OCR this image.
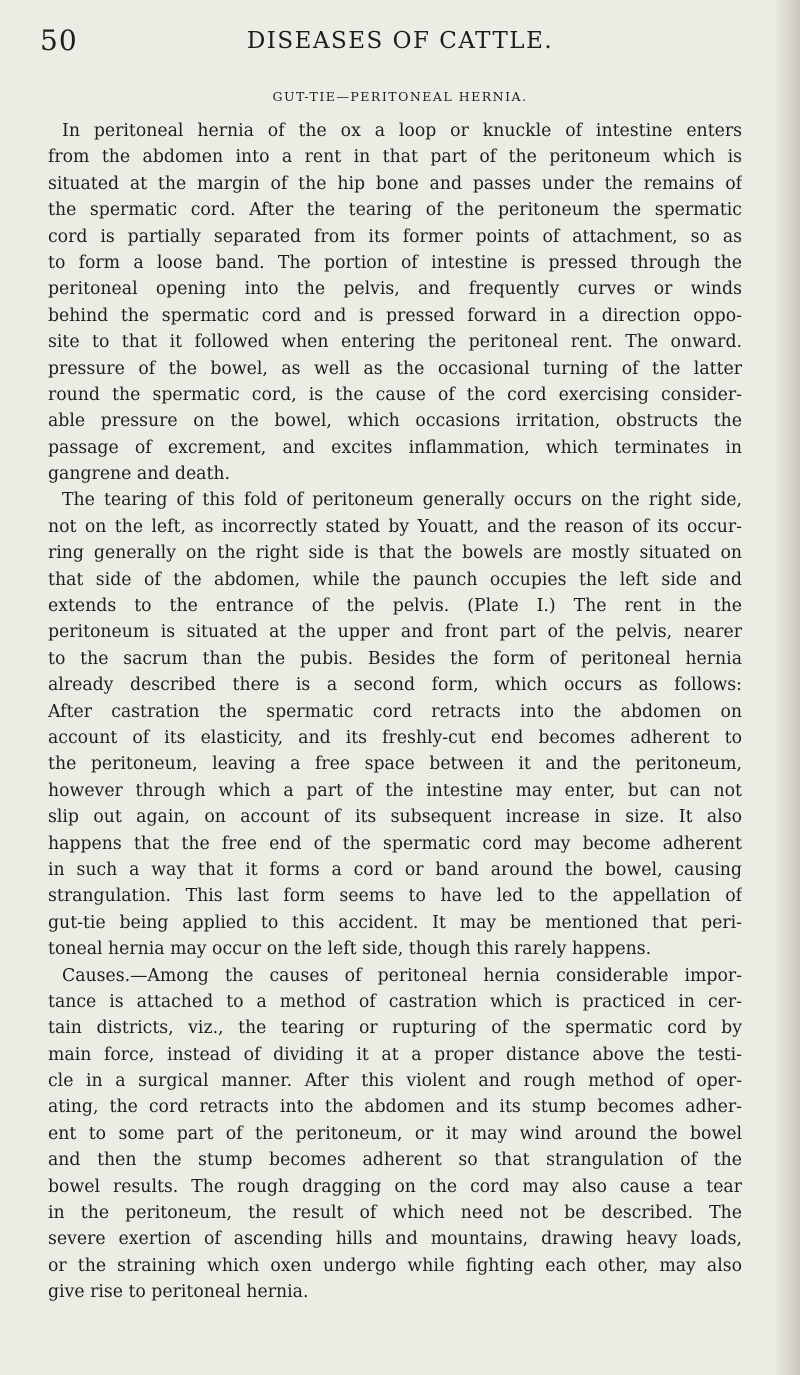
50	DISEASES OF CATTLE.
GUT-TIE—PERITONEAL HERNIA.
In peritoneal hernia of the ox a loop or knuckle of intestine enters
from the abdomen into a rent in that part of the peritoneum which is
situated at the margin of the hip bone and passes under the remains of
the spermatic cord. After the tearing of the peritoneum the spermatic
cord is partially separated from its former points of attachment, so as
to form a loose band. The portion of intestine is pressed through the
peritoneal opening into the pelvis, and frequently curves or winds
behind the spermatic cord and is pressed forward in a direction oppo-
site to that it followed when entering the peritoneal rent. The onward.
pressure of the bowel, as well as the occasional turning of the latter
round the spermatic cord, is the cause of the cord exercising consider-
able pressure on the bowel, which occasions irritation, obstructs the
passage of excrement, and excites inflammation, which terminates in
gangrene and death.
The tearing of this fold of peritoneum generally occurs on the right side,
not on the left, as incorrectly stated by Youatt, and the reason of its occur-
ring generally on the right side is that the bowels are mostly situated on
that side of the abdomen, while the paunch occupies the left side and
extends to the entrance of the pelvis. (Plate I.) The rent in the
peritoneum is situated at the upper and front part of the pelvis, nearer
to the sacrum than the pubis. Besides the form of peritoneal hernia
already described there is a second form, which occurs as follows:
After castration the spermatic cord retracts into the abdomen on
account of its elasticity, and its freshly-cut end becomes adherent to
the peritoneum, leaving a free space between it and the peritoneum,
however through which a part of the intestine may enter, but can not
slip out again, on account of its subsequent increase in size. It also
happens that the free end of the spermatic cord may become adherent
in such a way that it forms a cord or band around the bowel, causing
strangulation. This last form seems to have led to the appellation of
gut-tie being applied to this accident. It may be mentioned that peri-
toneal hernia may occur on the left side, though this rarely happens.
Causes.—Among the causes of peritoneal hernia considerable impor-
tance is attached to a method of castration which is practiced in cer-
tain districts, viz., the tearing or rupturing of the spermatic cord by
main force, instead of dividing it at a proper distance above the testi-
cle in a surgical manner. After this violent and rough method of oper-
ating, the cord retracts into the abdomen and its stump becomes adher-
ent to some part of the peritoneum, or it may wind around the bowel
and then the stump becomes adherent so that strangulation of the
bowel results. The rough dragging on the cord may also cause a tear
in the peritoneum, the result of which need not be described. The
severe exertion of ascending hills and mountains, drawing heavy loads,
or the straining which oxen undergo while fighting each other, may also
give rise to peritoneal hernia.
